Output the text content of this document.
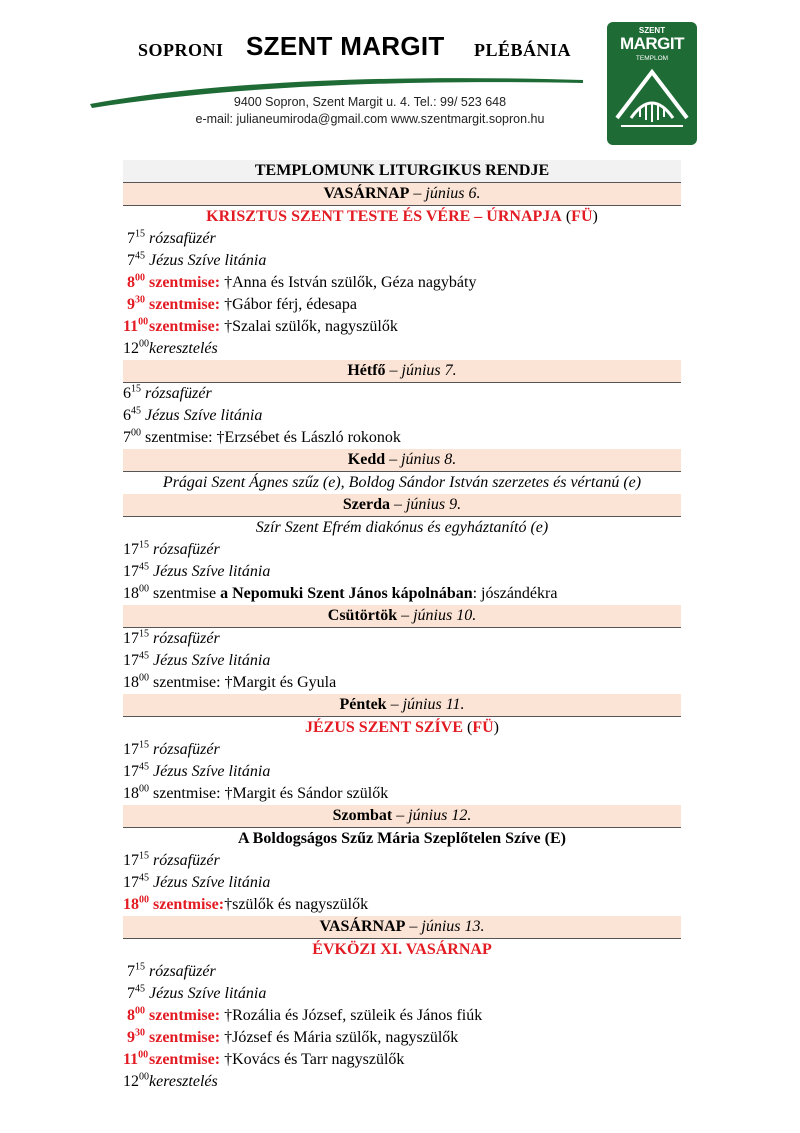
SOPRONI SZENT MARGIT PLÉBÁNIA
9400 Sopron, Szent Margit u. 4. Tel.: 99/ 523 648
e-mail: julianeumiroda@gmail.com www.szentmargit.sopron.hu
SZENT
MARGIT
TEMPLOM
TEMPLOMUNK LITURGIKUS RENDJE
VASÁRNAP – június 6.
KRISZTUS SZENT TESTE ÉS VÉRE – ÚRNAPJA (FÜ)
$7^{15}$ rózsafüzér
$7^{45}$ Jézus Szíve litánia
$8^{00}$ szentmise: †Anna és István szülők, Géza nagybáty
$9^{30}$ szentmise: †Gábor férj, édesapa
$11^{00}$ szentmise: †Szalai szülők, nagyszülők
$12^{00}$ keresztelés
Hétfő – június 7.
$6^{15}$ rózsafüzér
$6^{45}$ Jézus Szíve litánia
$7^{00}$ szentmise: †Erzsébet és László rokonok
Kedd – június 8.
Prágai Szent Ágnes szűz (e), Boldog Sándor István szerzetes és vértanú (e)
Szerda – június 9.
Szír Szent Efrém diakónus és egyháztanító (e)
$17^{15}$ rózsafüzér
$17^{45}$ Jézus Szíve litánia
$18^{00}$ szentmise a Nepomuki Szent János kápolnában: jószándékra
Csütörtök – június 10.
$17^{15}$ rózsafüzér
$17^{45}$ Jézus Szíve litánia
$18^{00}$ szentmise: †Margit és Gyula
Péntek – június 11.
JÉZUS SZENT SZÍVE (FÜ)
$17^{15}$ rózsafüzér
$17^{45}$ Jézus Szíve litánia
$18^{00}$ szentmise: †Margit és Sándor szülők
Szombat – június 12.
A Boldogságos Szűz Mária Szeplőtelen Szíve (E)
$17^{15}$ rózsafüzér
$17^{45}$ Jézus Szíve litánia
$18^{00}$ szentmise:†szülők és nagyszülők
VASÁRNAP – június 13.
ÉVKÖZI XI. VASÁRNAP
$7^{15}$ rózsafüzér
$7^{45}$ Jézus Szíve litánia
$8^{00}$ szentmise: †Rozália és József, szüleik és János fiúk
$9^{30}$ szentmise: †József és Mária szülők, nagyszülők
$11^{00}$ szentmise: †Kovács és Tarr nagyszülők
$12^{00}$ keresztelés
